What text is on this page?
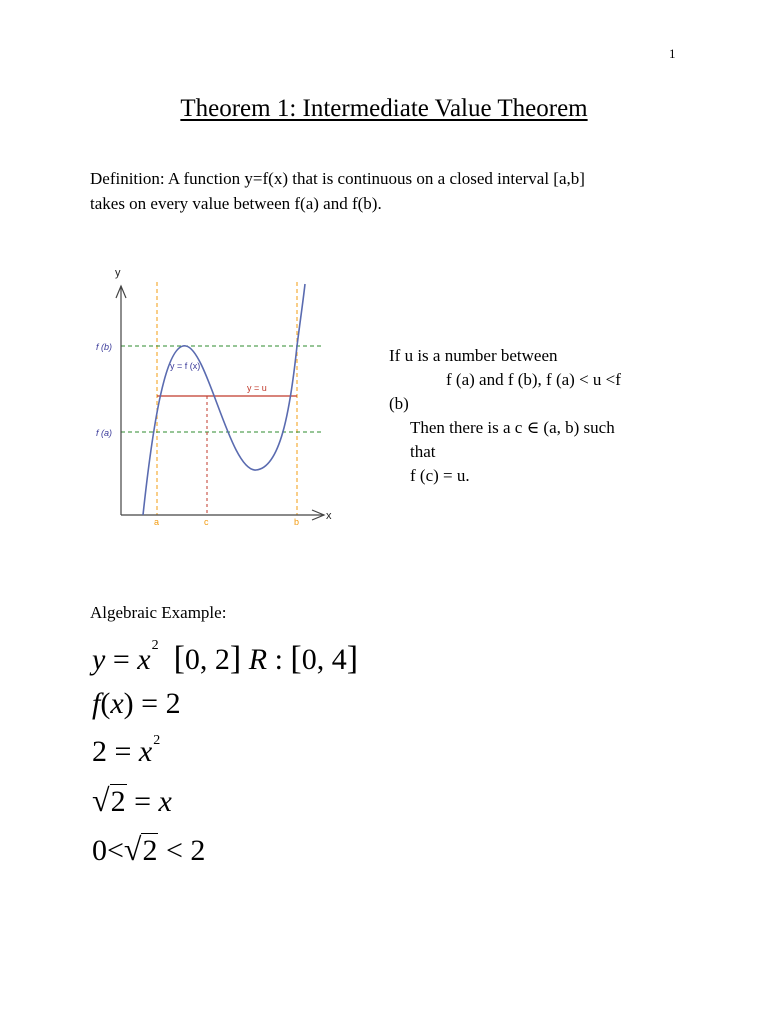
1
Theorem 1: Intermediate Value Theorem
Definition: A function y=f(x) that is continuous on a closed interval [a,b]
takes on every value between f(a) and f(b).
y
x
f (b)
f (a)
y = f (x)
y = u
a	c	b
If u is a number between
f (a) and f (b), f (a) < u <f
(b)
Then there is a c ∈ (a, b) such
that
f (c) = u.
Algebraic Example:
$y = x^2$ [0, 2] R : [0, 4]
f(x) = 2
$2 = x^2$
√2 = x
0<√2 < 2
